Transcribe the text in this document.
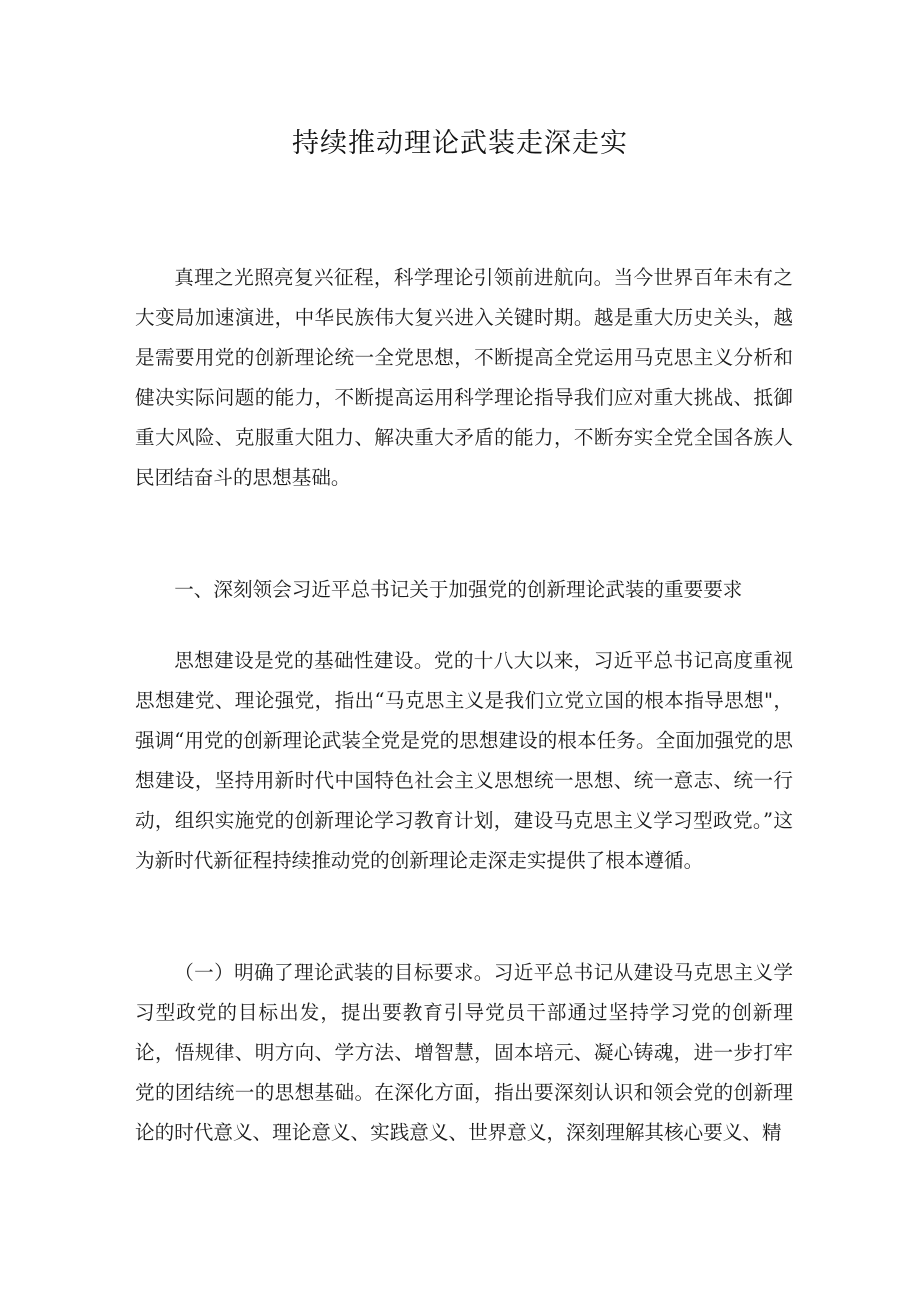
持续推动理论武装走深走实

真理之光照亮复兴征程，科学理论引领前进航向。当今世界百年未有之大变局加速演进，中华民族伟大复兴进入关键时期。越是重大历史关头，越是需要用党的创新理论统一全党思想，不断提高全党运用马克思主义分析和健决实际问题的能力，不断提高运用科学理论指导我们应对重大挑战、抵御重大风险、克服重大阻力、解决重大矛盾的能力，不断夯实全党全国各族人民团结奋斗的思想基础。

一、深刻领会习近平总书记关于加强党的创新理论武装的重要要求

思想建设是党的基础性建设。党的十八大以来，习近平总书记高度重视思想建党、理论强党，指出“马克思主义是我们立党立国的根本指导思想"，强调“用党的创新理论武装全党是党的思想建设的根本任务。全面加强党的思想建设，坚持用新时代中国特色社会主义思想统一思想、统一意志、统一行动，组织实施党的创新理论学习教育计划，建设马克思主义学习型政党。”这为新时代新征程持续推动党的创新理论走深走实提供了根本遵循。

（一）明确了理论武装的目标要求。习近平总书记从建设马克思主义学习型政党的目标出发，提出要教育引导党员干部通过坚持学习党的创新理论，悟规律、明方向、学方法、增智慧，固本培元、凝心铸魂，进一步打牢党的团结统一的思想基础。在深化方面，指出要深刻认识和领会党的创新理论的时代意义、理论意义、实践意义、世界意义，深刻理解其核心要义、精
